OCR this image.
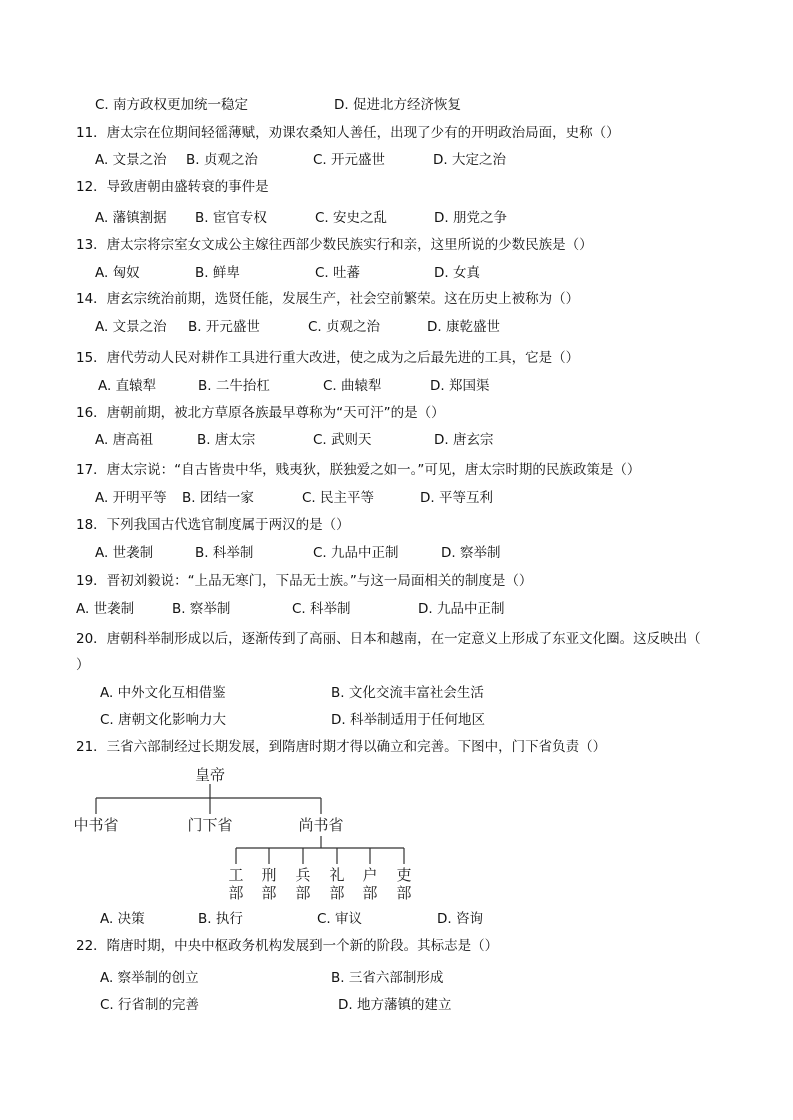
C. 南方政权更加统一稳定	D. 促进北方经济恢复
11．唐太宗在位期间轻徭薄赋，劝课农桑知人善任，出现了少有的开明政治局面，史称（）
A. 文景之治 B. 贞观之治	C. 开元盛世	D. 大定之治
12．导致唐朝由盛转衰的事件是
A. 藩镇割据 B. 宦官专权	C. 安史之乱	D. 朋党之争
13．唐太宗将宗室女文成公主嫁往西部少数民族实行和亲，这里所说的少数民族是（）
A. 匈奴	B. 鲜卑	C. 吐蕃	D. 女真
14．唐玄宗统治前期，选贤任能，发展生产，社会空前繁荣。这在历史上被称为（）
A. 文景之治 B. 开元盛世	C. 贞观之治	D. 康乾盛世
15．唐代劳动人民对耕作工具进行重大改进，使之成为之后最先进的工具，它是（）
A. 直辕犁	B. 二牛抬杠	C. 曲辕犁	D. 郑国渠
16．唐朝前期，被北方草原各族最早尊称为“天可汗”的是（）
A. 唐高祖	B. 唐太宗	C. 武则天	D. 唐玄宗
17．唐太宗说：“自古皆贵中华，贱夷狄，朕独爱之如一。”可见，唐太宗时期的民族政策是（）
A. 开明平等 B. 团结一家	C. 民主平等	D. 平等互利
18．下列我国古代选官制度属于两汉的是（）
A. 世袭制	B. 科举制	C. 九品中正制	D. 察举制
19．晋初刘毅说：“上品无寒门，下品无士族。”与这一局面相关的制度是（）
A. 世袭制	B. 察举制	C. 科举制	D. 九品中正制
20．唐朝科举制形成以后，逐渐传到了高丽、日本和越南，在一定意义上形成了东亚文化圈。这反映出（
）
A. 中外文化互相借鉴	B. 文化交流丰富社会生活
C. 唐朝文化影响力大	D. 科举制适用于任何地区
21．三省六部制经过长期发展，到隋唐时期才得以确立和完善。下图中，门下省负责（）
皇帝
中书省	门下省	尚书省
工部
刑部
兵部
礼部
户部
吏部
A. 决策	B. 执行	C. 审议	D. 咨询
22．隋唐时期，中央中枢政务机构发展到一个新的阶段。其标志是（）
A. 察举制的创立	B. 三省六部制形成
C. 行省制的完善	D. 地方藩镇的建立
